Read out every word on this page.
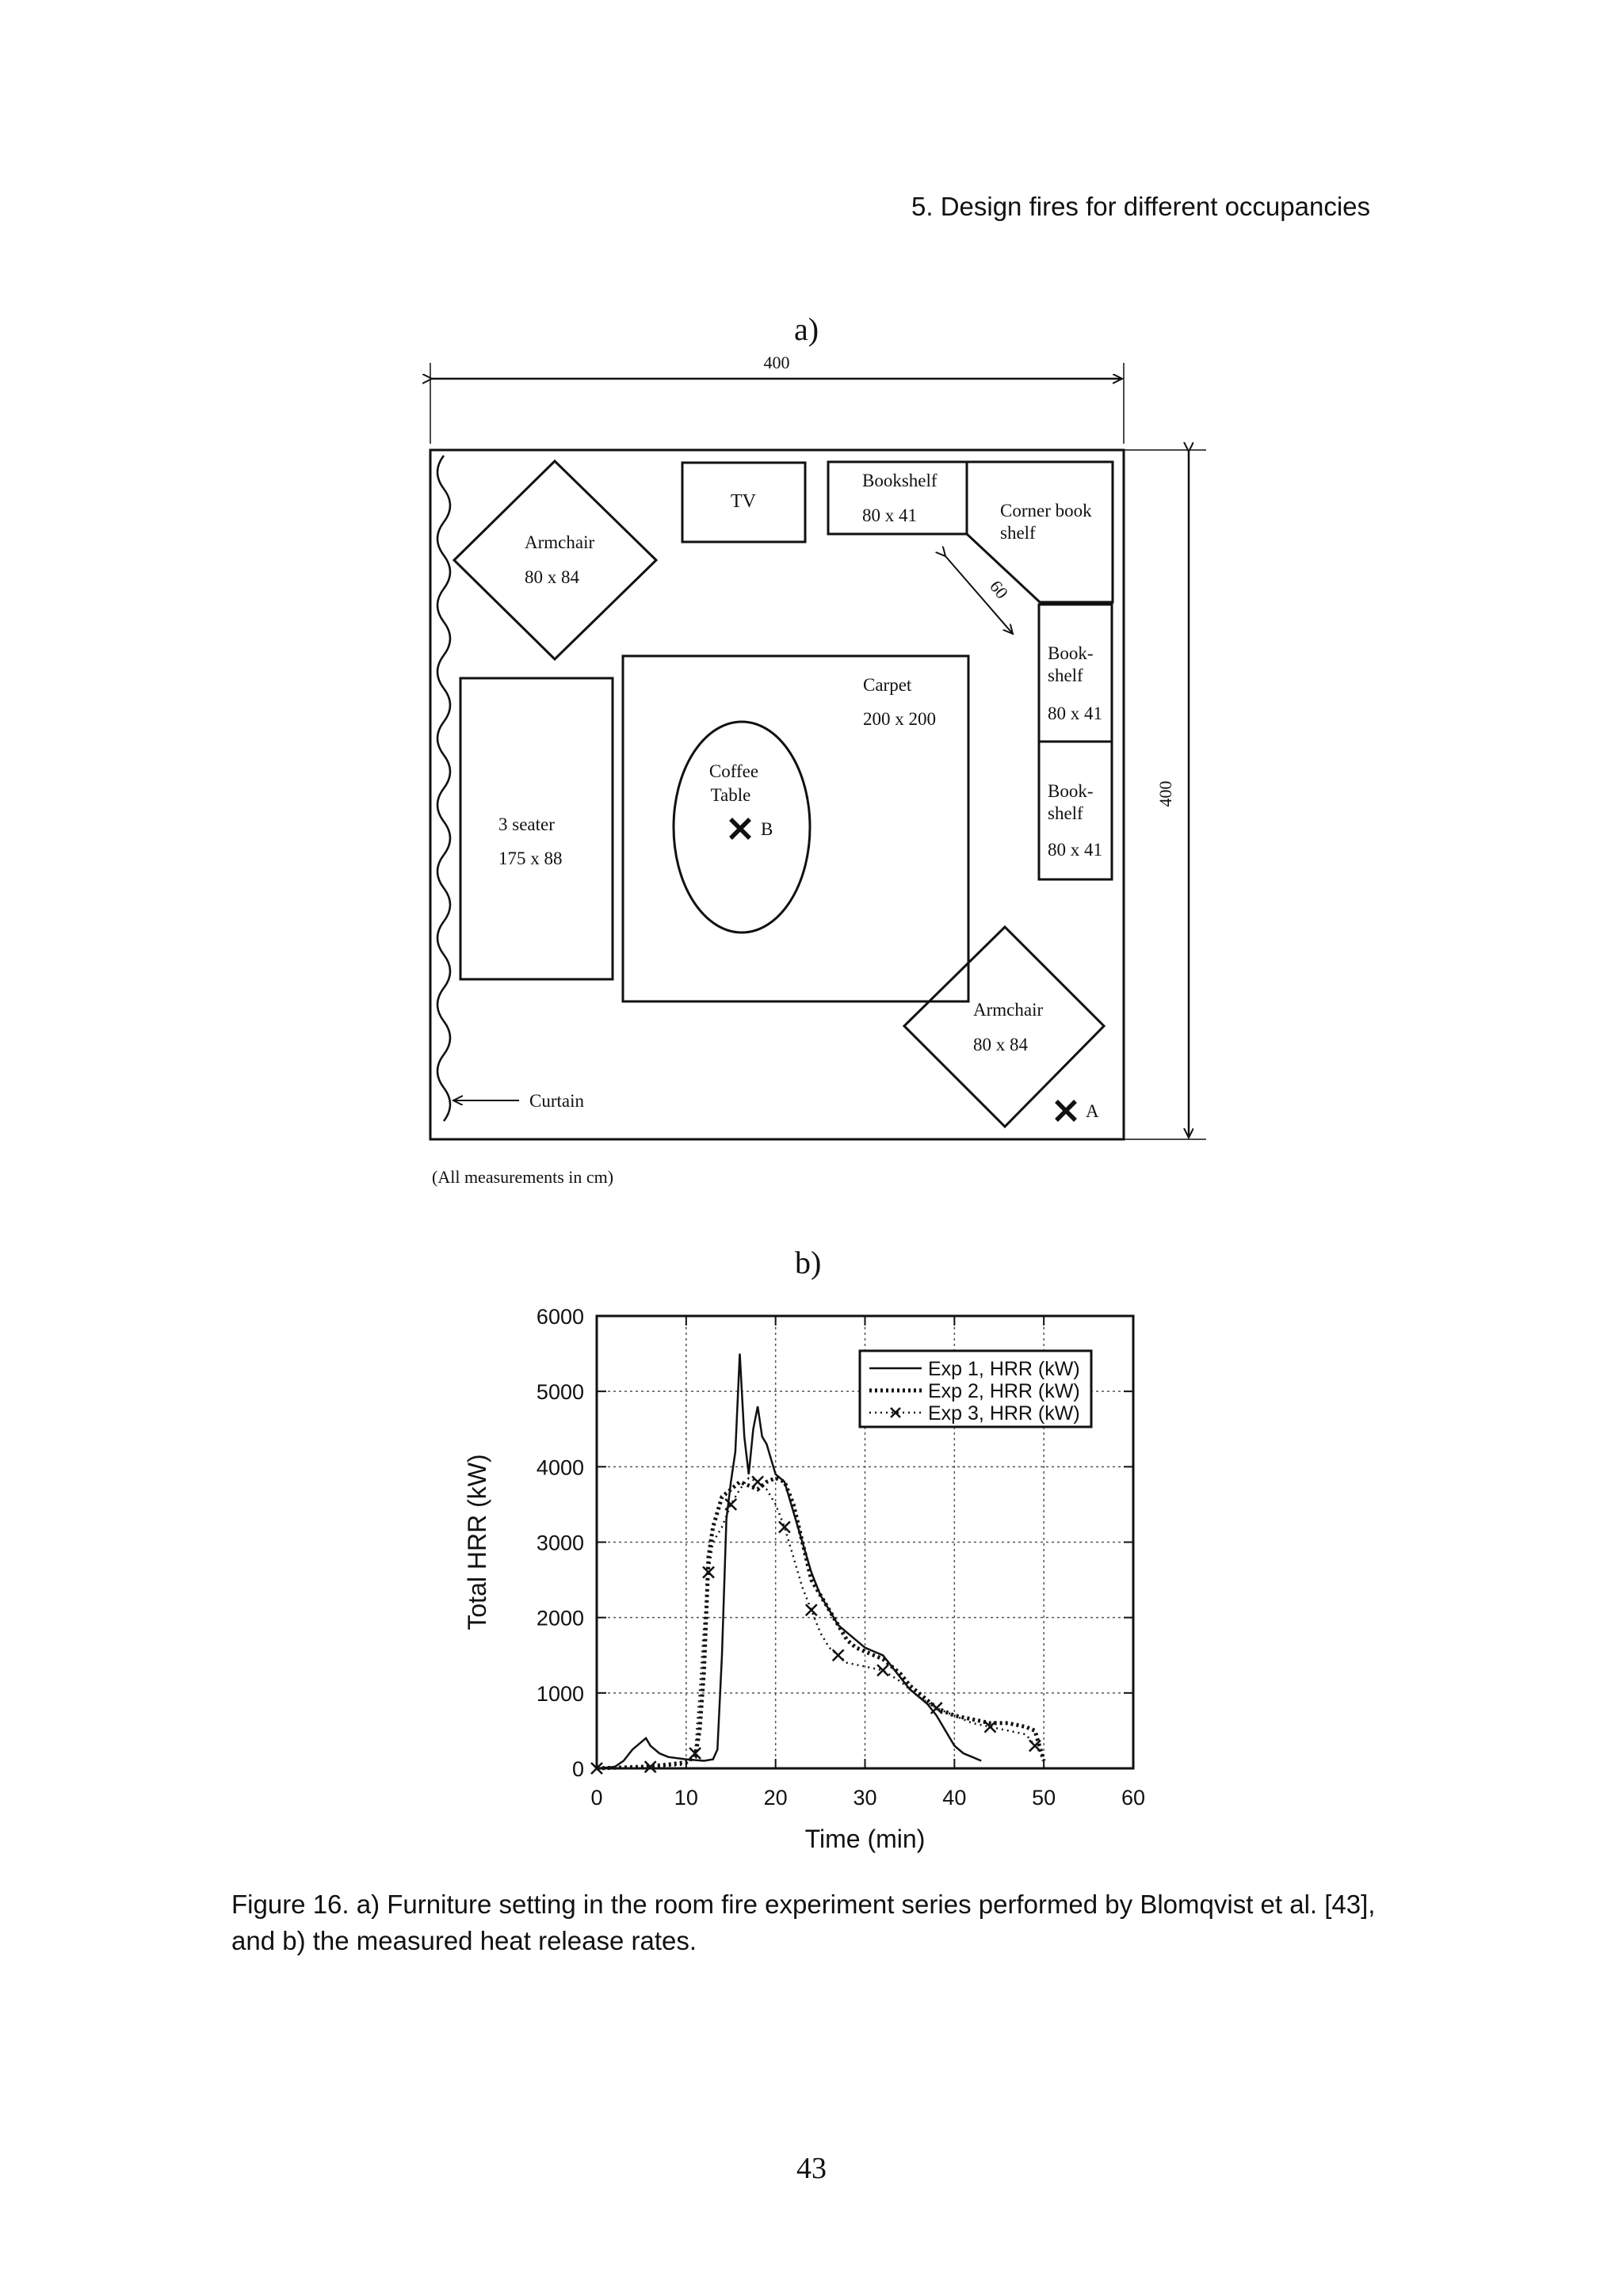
5. Design fires for different occupancies
a)
400
400
Curtain
Armchair
80 x 84
TV
Bookshelf
80 x 41	Corner book
shelf
60
Book-
shelf
80 x 41
Book-
shelf
80 x 41
Carpet
200 x 200
Coffee
Table
B
3 seater
175 x 88
Armchair
80 x 84
A
(All measurements in cm)
b)
0	10	20	30	40	50	60
0
1000
2000
3000
4000
5000
6000
Time (min)
Total HRR (kW)
Exp 1, HRR (kW)
Exp 2, HRR (kW)
Exp 3, HRR (kW)
Figure 16. a) Furniture setting in the room fire experiment series performed by Blomqvist et al. [43], and b) the measured heat release rates.
43
